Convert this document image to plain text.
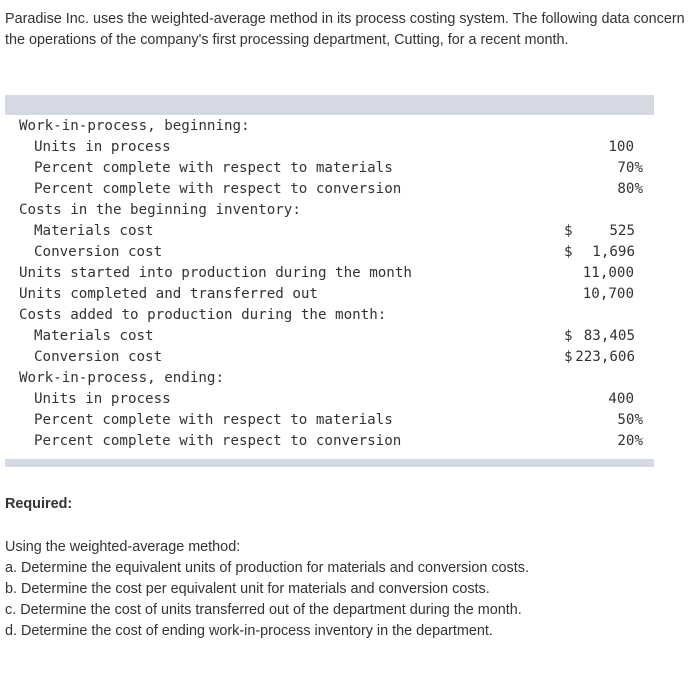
Paradise Inc. uses the weighted-average method in its process costing system. The following data concern the operations of the company's first processing department, Cutting, for a recent month.

Work-in-process, beginning:
Units in process	100
Percent complete with respect to materials	70%
Percent complete with respect to conversion	80%
Costs in the beginning inventory:
Materials cost	$	525
Conversion cost	$ 1,696
Units started into production during the month	11,000
Units completed and transferred out	10,700
Costs added to production during the month:
Materials cost	$ 83,405
Conversion cost	$ 223,606
Work-in-process, ending:
Units in process	400
Percent complete with respect to materials	50%
Percent complete with respect to conversion	20%

Required:

Using the weighted-average method:

a. Determine the equivalent units of production for materials and conversion costs.
b. Determine the cost per equivalent unit for materials and conversion costs.
c. Determine the cost of units transferred out of the department during the month.
d. Determine the cost of ending work-in-process inventory in the department.
